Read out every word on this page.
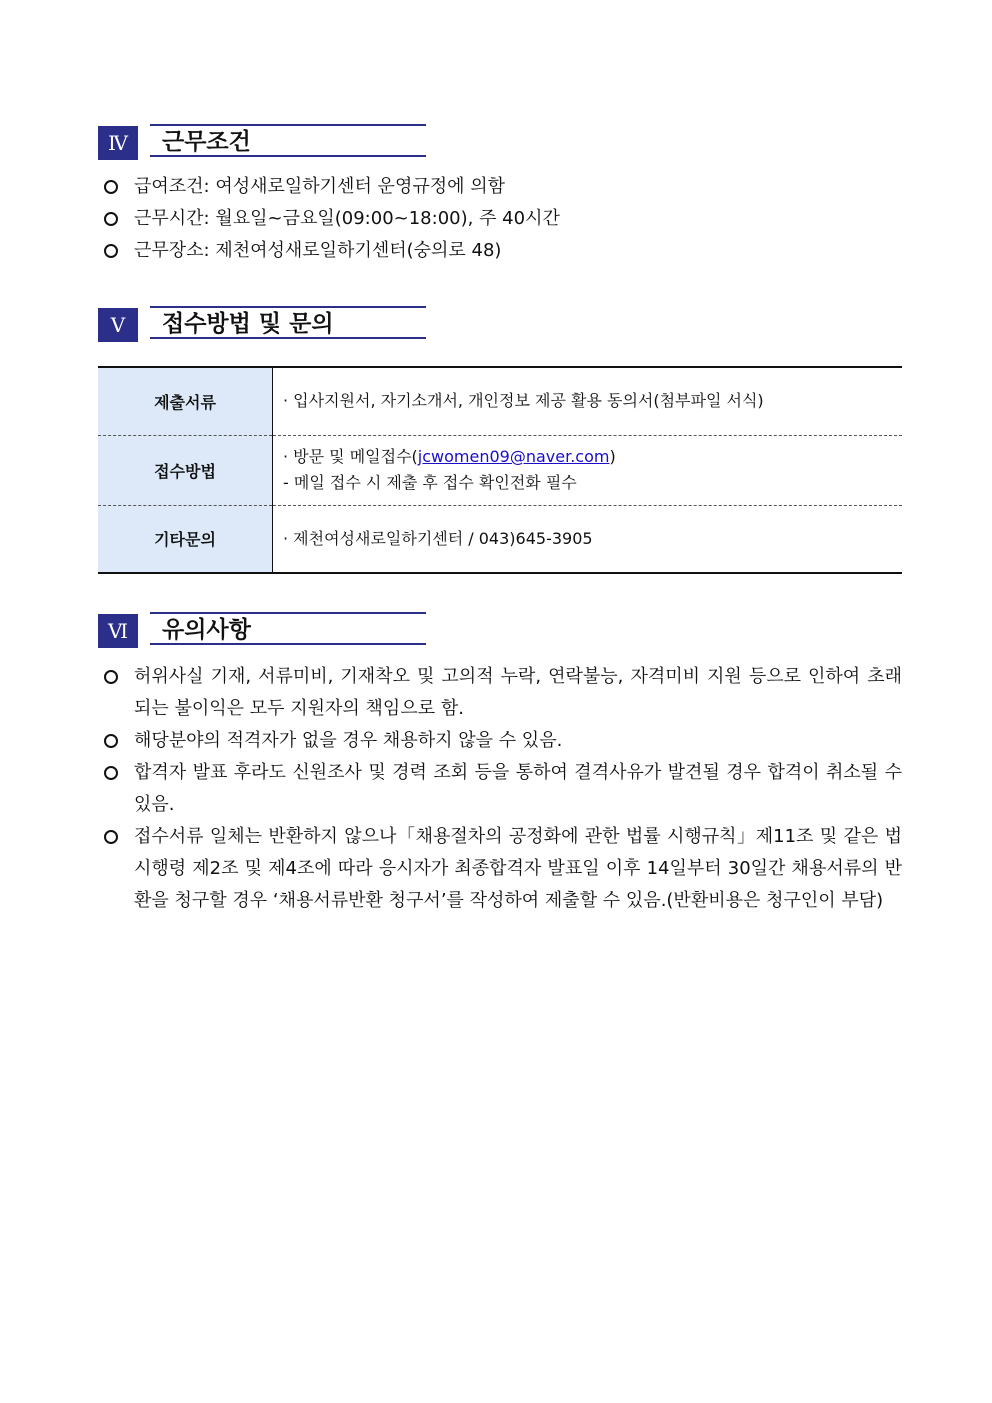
Ⅳ	근무조건
급여조건: 여성새로일하기센터 운영규정에 의함
근무시간: 월요일~금요일(09:00~18:00), 주 40시간
근무장소: 제천여성새로일하기센터(숭의로 48)
Ⅴ	접수방법 및 문의
제출서류	· 입사지원서, 자기소개서, 개인정보 제공 활용 동의서(첨부파일 서식)
접수방법	· 방문 및 메일접수(jcwomen09@naver.com)
- 메일 접수 시 제출 후 접수 확인전화 필수

기타문의	· 제천여성새로일하기센터 / 043)645-3905
Ⅵ	유의사항
허위사실 기재, 서류미비, 기재착오 및 고의적 누락, 연락불능, 자격미비 지원 등으로 인하여 초래되는 불이익은 모두 지원자의 책임으로 함.
해당분야의 적격자가 없을 경우 채용하지 않을 수 있음.
합격자 발표 후라도 신원조사 및 경력 조회 등을 통하여 결격사유가 발견될 경우 합격이 취소될 수 있음.
접수서류 일체는 반환하지 않으나「채용절차의 공정화에 관한 법률 시행규칙」제11조 및 같은 법 시행령 제2조 및 제4조에 따라 응시자가 최종합격자 발표일 이후 14일부터 30일간 채용서류의 반환을 청구할 경우 ‘채용서류반환 청구서’를 작성하여 제출할 수 있음.(반환비용은 청구인이 부담)
